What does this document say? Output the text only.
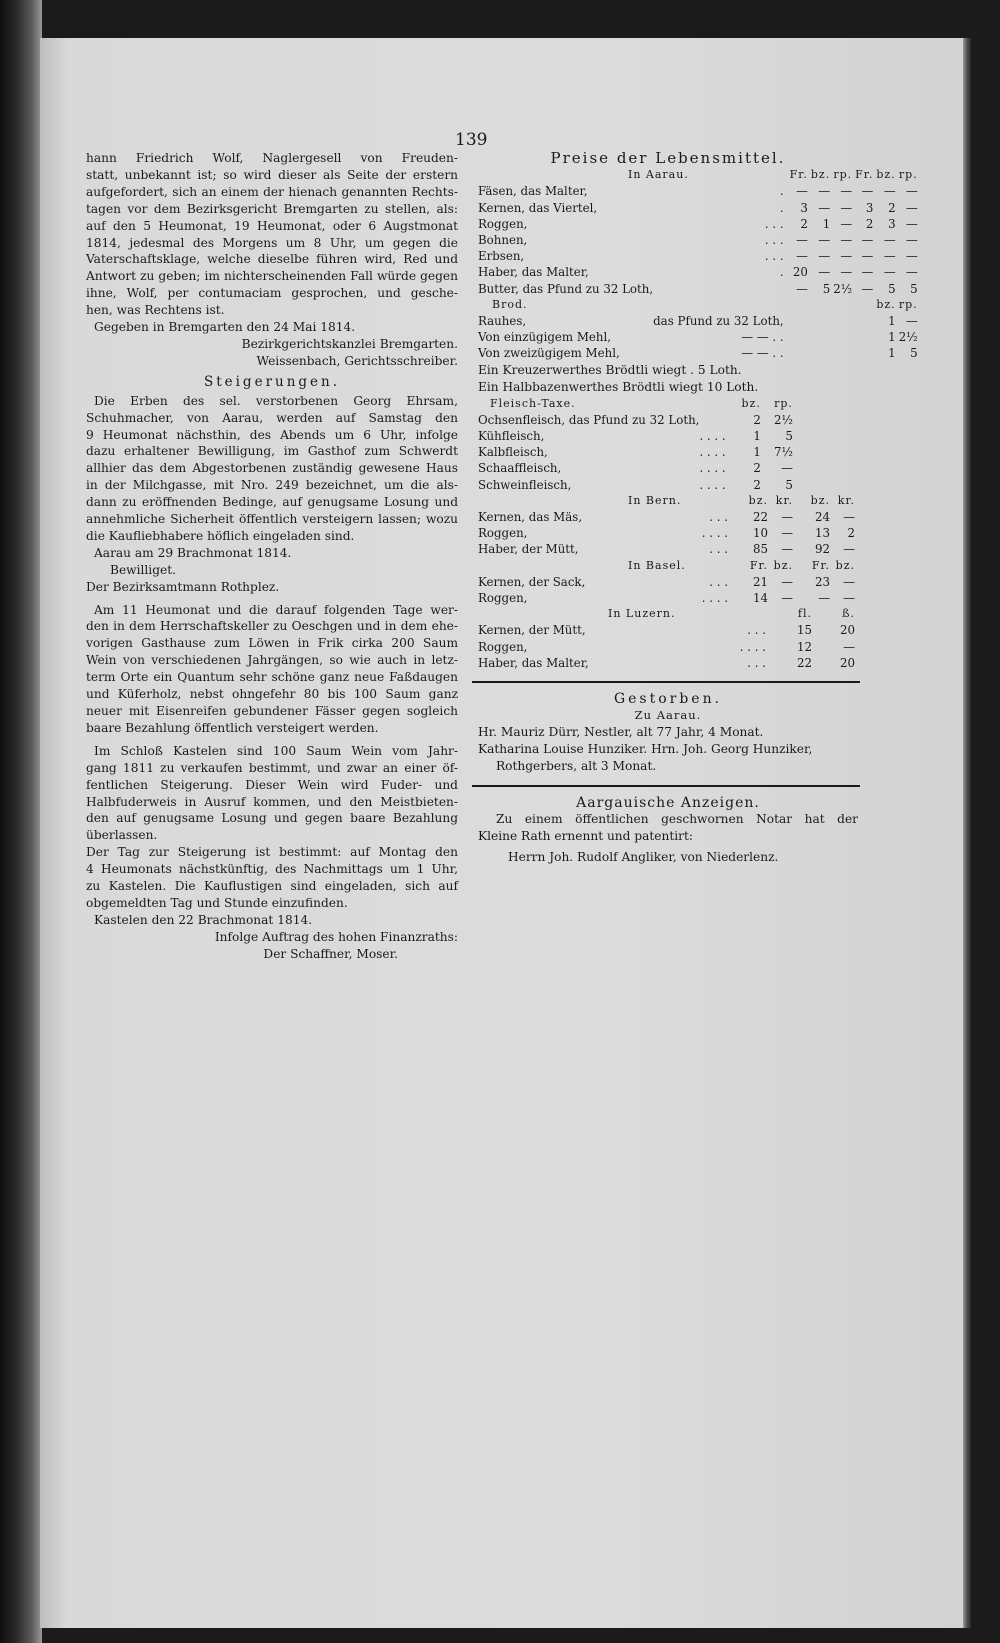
139

hann Friedrich Wolf, Naglergesell von Freuden-

statt, unbekannt ist; so wird dieser als Seite der erstern

aufgefordert, sich an einem der hienach genannten Rechts-

tagen vor dem Bezirksgericht Bremgarten zu stellen, als:

auf den 5 Heumonat, 19 Heumonat, oder 6 Augstmonat

1814, jedesmal des Morgens um 8 Uhr, um gegen die

Vaterschaftsklage, welche dieselbe führen wird, Red und

Antwort zu geben; im nichterscheinenden Fall würde gegen

ihne, Wolf, per contumaciam gesprochen, und gesche-

hen, was Rechtens ist.

Gegeben in Bremgarten den 24 Mai 1814.

Bezirkgerichtskanzlei Bremgarten.

Weissenbach, Gerichtsschreiber.

Steigerungen.

Die Erben des sel. verstorbenen Georg Ehrsam,

Schuhmacher, von Aarau, werden auf Samstag den

9 Heumonat nächsthin, des Abends um 6 Uhr, infolge

dazu erhaltener Bewilligung, im Gasthof zum Schwerdt

allhier das dem Abgestorbenen zuständig gewesene Haus

in der Milchgasse, mit Nro. 249 bezeichnet, um die als-

dann zu eröffnenden Bedinge, auf genugsame Losung und

annehmliche Sicherheit öffentlich versteigern lassen; wozu

die Kaufliebhabere höflich eingeladen sind.

Aarau am 29 Brachmonat 1814.

Bewilliget.

Der Bezirksamtmann Rothplez.

Am 11 Heumonat und die darauf folgenden Tage wer-

den in dem Herrschaftskeller zu Oeschgen und in dem ehe-

vorigen Gasthause zum Löwen in Frik cirka 200 Saum

Wein von verschiedenen Jahrgängen, so wie auch in letz-

term Orte ein Quantum sehr schöne ganz neue Faßdaugen

und Küferholz, nebst ohngefehr 80 bis 100 Saum ganz

neuer mit Eisenreifen gebundener Fässer gegen sogleich

baare Bezahlung öffentlich versteigert werden.

Im Schloß Kastelen sind 100 Saum Wein vom Jahr-

gang 1811 zu verkaufen bestimmt, und zwar an einer öf-

fentlichen Steigerung. Dieser Wein wird Fuder- und

Halbfuderweis in Ausruf kommen, und den Meistbieten-

den auf genugsame Losung und gegen baare Bezahlung

überlassen.

Der Tag zur Steigerung ist bestimmt: auf Montag den

4 Heumonats nächstkünftig, des Nachmittags um 1 Uhr,

zu Kastelen. Die Kauflustigen sind eingeladen, sich auf

obgemeldten Tag und Stunde einzufinden.

Kastelen den 22 Brachmonat 1814.

Infolge Auftrag des hohen Finanzraths:

Der Schaffner, Moser.

Preise der Lebensmittel.
In Aarau.		Fr.	bz.	rp.	Fr.	bz.	rp.
Fäsen, das Malter,	.	—	—	—	—	—	—
Kernen, das Viertel,	.	3	—	—	3	2	—
Roggen,	. . .	2	1	—	2	3	—
Bohnen,	. . .	—	—	—	—	—	—
Erbsen,	. . .	—	—	—	—	—	—
Haber, das Malter,	.	20	—	—	—	—	—
Butter, das Pfund zu 32 Loth,		—	5	2½	—	5	5
Brod.						bz.	rp.
Rauhes,	das Pfund zu 32 Loth,					1	—
Von einzügigem Mehl,	— — . .					1	2½
Von zweizügigem Mehl,	— — . .					1	5

Ein Kreuzerwerthes Brödtli wiegt . 5 Loth.

Ein Halbbazenwerthes Brödtli wiegt 10 Loth.

Fleisch-Taxe.		bz.	rp.	
Ochsenfleisch, das Pfund zu 32 Loth,		2	2½	
Kühfleisch,	. . . .	1	5	
Kalbfleisch,	. . . .	1	7½	
Schaaffleisch,	. . . .	2	—	
Schweinfleisch,	. . . .	2	5	
In Bern.		bz.	kr.	bz.	kr.
Kernen, das Mäs,	. . .	22	—	24	—
Roggen,	. . . .	10	—	13	2
Haber, der Mütt,	. . .	85	—	92	—
In Basel.		Fr.	bz.	Fr.	bz.
Kernen, der Sack,	. . .	21	—	23	—
Roggen,	. . . .	14	—	—	—
In Luzern.		fl.	ß.
Kernen, der Mütt,	. . .	15	20
Roggen,	. . . .	12	—
Haber, das Malter,	. . .	22	20
Gestorben.
Zu Aarau.

Hr. Mauriz Dürr, Nestler, alt 77 Jahr, 4 Monat.

Katharina Louise Hunziker. Hrn. Joh. Georg Hunziker,

Rothgerbers, alt 3 Monat.

Aargauische Anzeigen.

Zu einem öffentlichen geschwornen Notar hat der

Kleine Rath ernennt und patentirt:

Herrn Joh. Rudolf Angliker, von Niederlenz.
